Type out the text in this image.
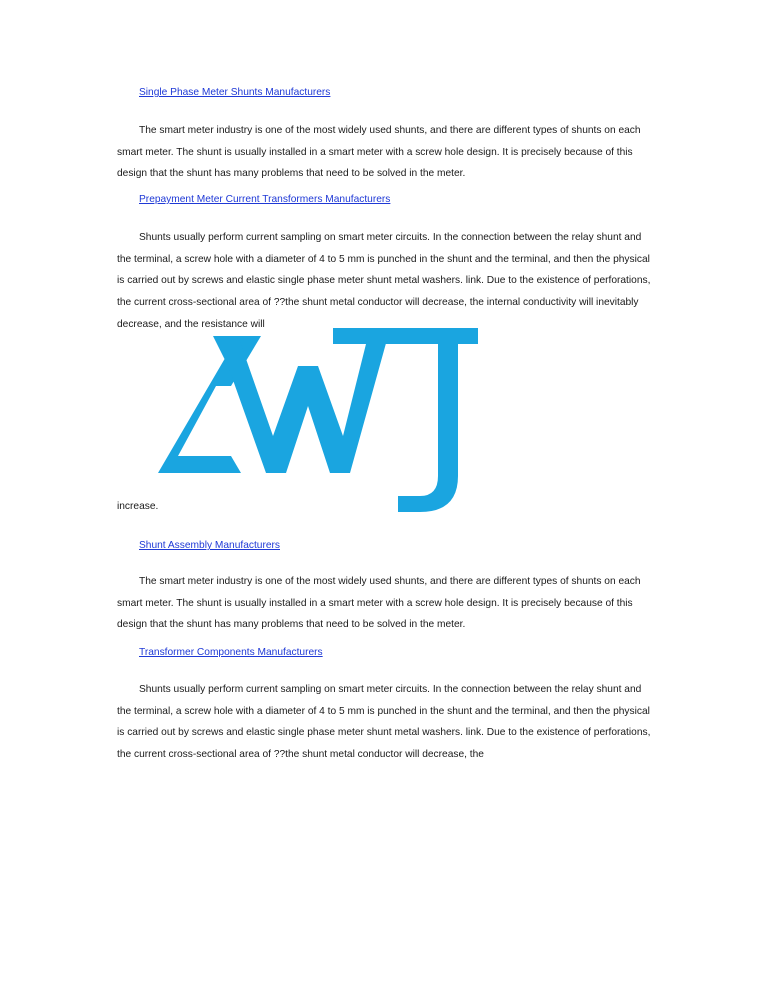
Single Phase Meter Shunts Manufacturers

The smart meter industry is one of the most widely used shunts, and there are different types of shunts on each smart meter. The shunt is usually installed in a smart meter with a screw hole design. It is precisely because of this design that the shunt has many problems that need to be solved in the meter.

Prepayment Meter Current Transformers Manufacturers

Shunts usually perform current sampling on smart meter circuits. In the connection between the relay shunt and the terminal, a screw hole with a diameter of 4 to 5 mm is punched in the shunt and the terminal, and then the physical is carried out by screws and elastic single phase meter shunt metal washers. link. Due to the existence of perforations, the current cross-sectional area of ??the shunt metal conductor will decrease, the internal conductivity will inevitably decrease, and the resistance will

increase.
Shunt Assembly Manufacturers

The smart meter industry is one of the most widely used shunts, and there are different types of shunts on each smart meter. The shunt is usually installed in a smart meter with a screw hole design. It is precisely because of this design that the shunt has many problems that need to be solved in the meter.

Transformer Components Manufacturers

Shunts usually perform current sampling on smart meter circuits. In the connection between the relay shunt and the terminal, a screw hole with a diameter of 4 to 5 mm is punched in the shunt and the terminal, and then the physical is carried out by screws and elastic single phase meter shunt metal washers. link. Due to the existence of perforations, the current cross-sectional area of ??the shunt metal conductor will decrease, the
